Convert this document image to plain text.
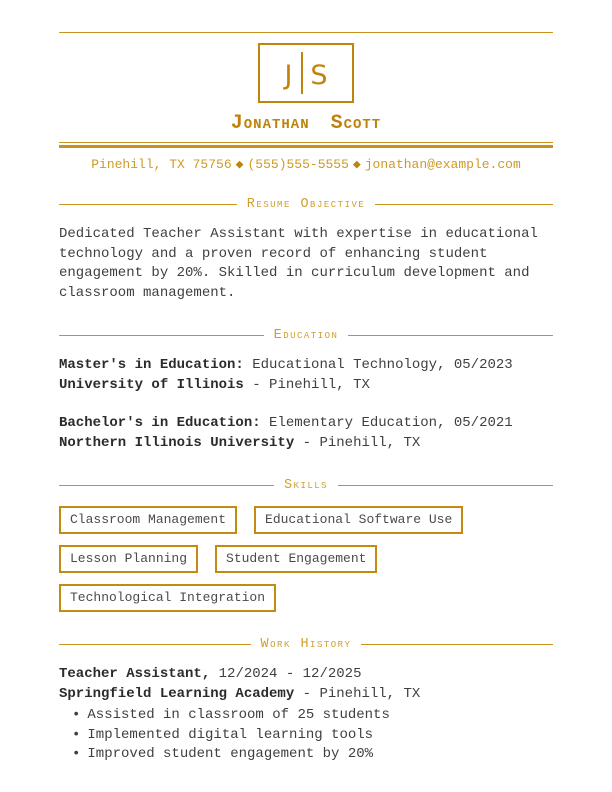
J S
Jonathan Scott
Pinehill, TX 75756 ◆ (555)555-5555 ◆ jonathan@example.com
Resume Objective
Dedicated Teacher Assistant with expertise in educational technology and a proven record of enhancing student engagement by 20%. Skilled in curriculum development and classroom management.
Education
Master's in Education: Educational Technology, 05/2023
University of Illinois - Pinehill, TX
Bachelor's in Education: Elementary Education, 05/2021
Northern Illinois University - Pinehill, TX
Skills
Classroom Management	Educational Software Use
Lesson Planning	Student Engagement
Technological Integration
Work History
Teacher Assistant, 12/2024 - 12/2025
Springfield Learning Academy - Pinehill, TX
• Assisted in classroom of 25 students
• Implemented digital learning tools
• Improved student engagement by 20%
